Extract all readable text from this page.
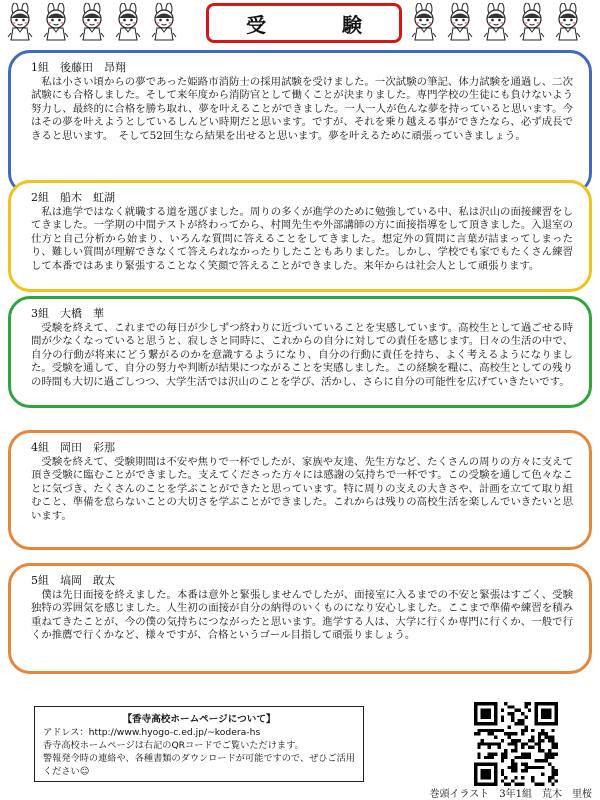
受　験
1組　後藤田　昂翔
私は小さい頃からの夢であった姫路市消防士の採用試験を受けました。一次試験の筆記、体力試験を通過し、二次試験にも合格しました。そして来年度から消防官として働くことが決まりました。専門学校の生徒にも負けないよう努力し、最終的に合格を勝ち取れ、夢を叶えることができました。一人一人が色んな夢を持っていると思います。今はその夢を叶えようとしているしんどい時期だと思います。ですが、それを乗り越える事ができたなら、必ず成長できると思います。　そして52回生なら結果を出せると思います。夢を叶えるために頑張っていきましょう。
2組　船木　虹湖
私は進学ではなく就職する道を選びました。周りの多くが進学のために勉強している中、私は沢山の面接練習をしてきました。一学期の中間テストが終わってから、村岡先生や外部講師の方に面接指導をして頂きました。入退室の仕方と自己分析から始まり、いろんな質問に答えることをしてきました。想定外の質問に言葉が詰まってしまったり、難しい質問が理解できなくて答えられなかったりしたこともありました。しかし、学校でも家でもたくさん練習して本番ではあまり緊張することなく笑顔で答えることができました。来年からは社会人として頑張ります。
3組　大橋　華
受験を終えて、これまでの毎日が少しずつ終わりに近づいていることを実感しています。高校生として過ごせる時間が少なくなっていると思うと、寂しさと同時に、これからの自分に対しての責任を感じます。日々の生活の中で、自分の行動が将来にどう繋がるのかを意識するようになり、自分の行動に責任を持ち、よく考えるようになりました。受験を通して、自分の努力や判断が結果につながることを実感しました。この経験を糧に、高校生としての残りの時間も大切に過ごしつつ、大学生活では沢山のことを学び、活かし、さらに自分の可能性を広げていきたいです。
4組　岡田　彩那
受験を終えて、受験期間は不安や焦りで一杯でしたが、家族や友達、先生方など、たくさんの周りの方々に支えて頂き受験に臨むことができました。支えてくださった方々には感謝の気持ちで一杯です。この受験を通して色々なことに気づき、たくさんのことを学ぶことができたと思っています。特に周りの支えの大きさや、計画を立てて取り組むこと、準備を怠らないことの大切さを学ぶことができました。これからは残りの高校生活を楽しんでいきたいと思います。
5組　塙岡　敢太
僕は先日面接を終えました。本番は意外と緊張しませんでしたが、面接室に入るまでの不安と緊張はすごく、受験独特の雰囲気を感じました。人生初の面接が自分の納得のいくものになり安心しました。ここまで準備や練習を積み重ねてきたことが、今の僕の気持ちにつながったと思います。進学する人は、大学に行くか専門に行くか、一般で行くか推薦で行くかなど、様々ですが、合格というゴール目指して頑張りましょう。
【香寺高校ホームページについて】
アドレス：http://www.hyogo-c.ed.jp/~kodera-hs
香寺高校ホームページは右記のQRコードでご覧いただけます。
警報発令時の連絡や、各種書類のダウンロードが可能ですので、ぜひご活用ください☺
巻頭イラスト　3年1組　荒木　里桜
